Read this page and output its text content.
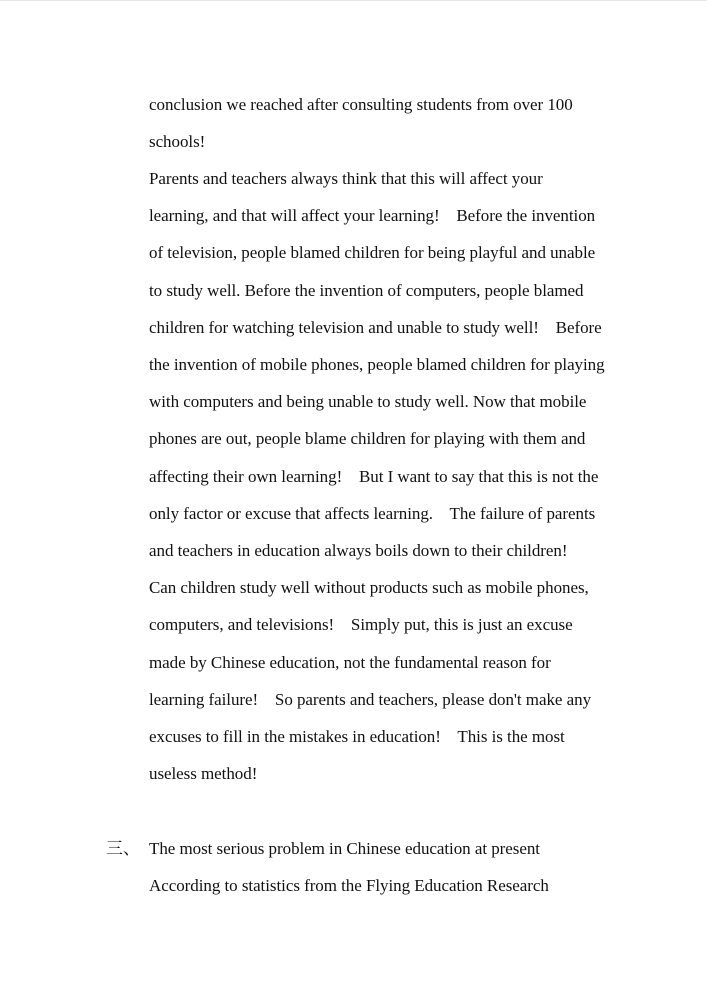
conclusion we reached after consulting students from over 100
schools!
Parents and teachers always think that this will affect your
learning, and that will affect your learning!    Before the invention
of television, people blamed children for being playful and unable
to study well. Before the invention of computers, people blamed
children for watching television and unable to study well!    Before
the invention of mobile phones, people blamed children for playing
with computers and being unable to study well. Now that mobile
phones are out, people blame children for playing with them and
affecting their own learning!    But I want to say that this is not the
only factor or excuse that affects learning.    The failure of parents
and teachers in education always boils down to their children!
Can children study well without products such as mobile phones,
computers, and televisions!    Simply put, this is just an excuse
made by Chinese education, not the fundamental reason for
learning failure!    So parents and teachers, please don't make any
excuses to fill in the mistakes in education!    This is the most
useless method!
三、 The most serious problem in Chinese education at present
According to statistics from the Flying Education Research
